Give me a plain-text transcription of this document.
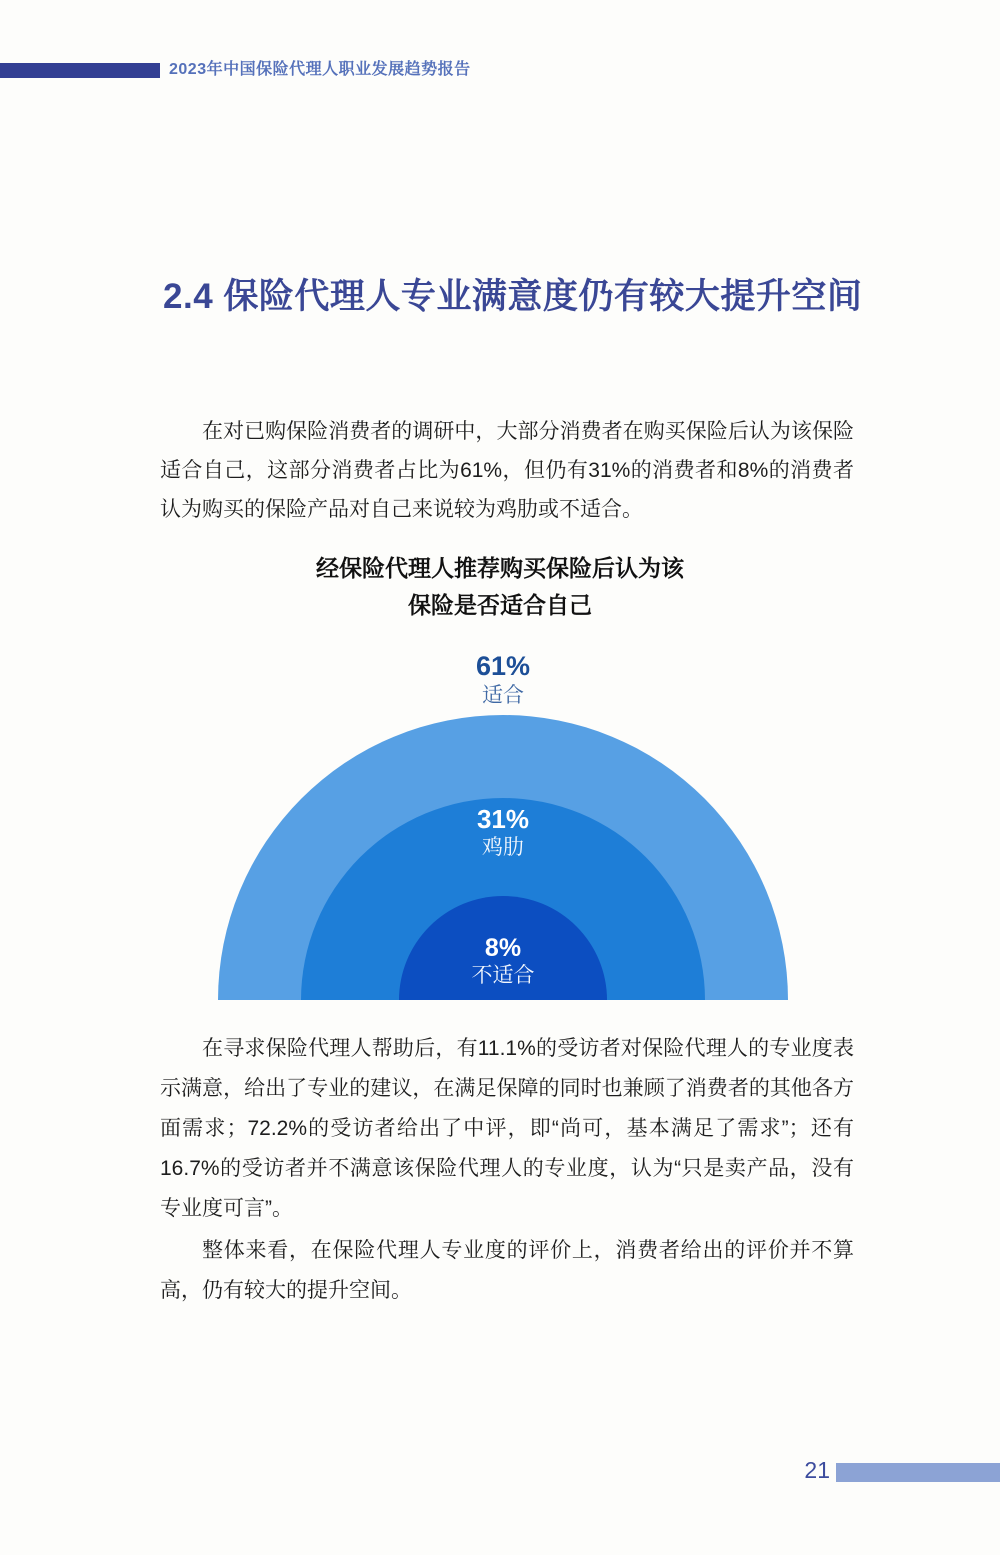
2023年中国保险代理人职业发展趋势报告
2.4 保险代理人专业满意度仍有较大提升空间
在对已购保险消费者的调研中，大部分消费者在购买保险后认为该保险适合自己，这部分消费者占比为61%，但仍有31%的消费者和8%的消费者认为购买的保险产品对自己来说较为鸡肋或不适合。
经保险代理人推荐购买保险后认为该
保险是否适合自己
61%
适合
31%
鸡肋
8%
不适合
在寻求保险代理人帮助后，有11.1%的受访者对保险代理人的专业度表示满意，给出了专业的建议，在满足保障的同时也兼顾了消费者的其他各方面需求；72.2%的受访者给出了中评，即“尚可，基本满足了需求”；还有16.7%的受访者并不满意该保险代理人的专业度，认为“只是卖产品，没有专业度可言”。
整体来看，在保险代理人专业度的评价上，消费者给出的评价并不算高，仍有较大的提升空间。
21
